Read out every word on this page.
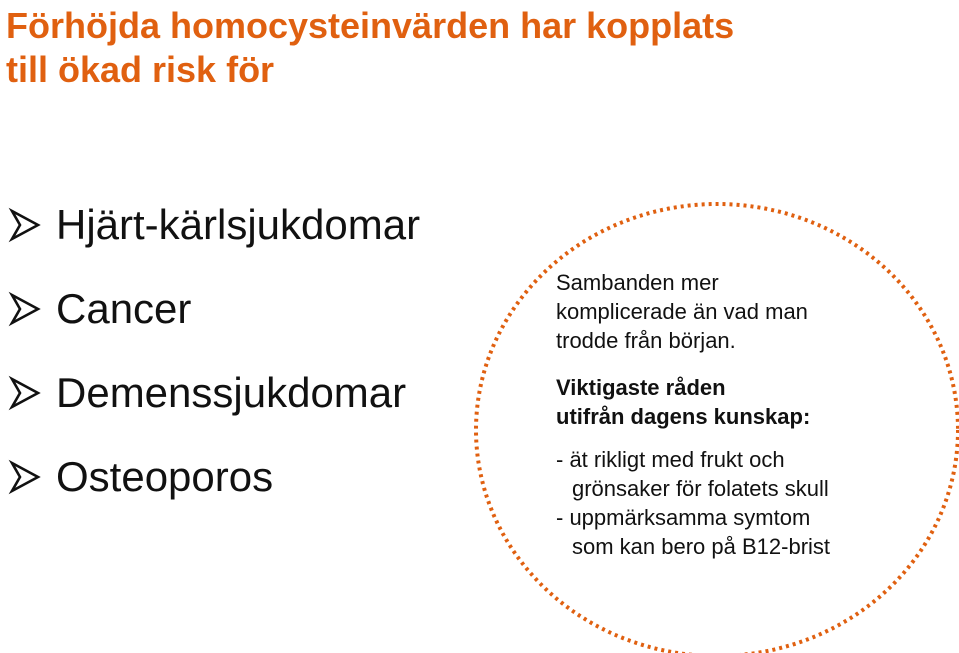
Förhöjda homocysteinvärden har kopplats
till ökad risk för
Hjärt-kärlsjukdomar
Cancer
Demenssjukdomar
Osteoporos

Sambanden mer
komplicerade än vad man
trodde från början.

Viktigaste råden
utifrån dagens kunskap:

- ät rikligt med frukt och
grönsaker för folatets skull
- uppmärksamma symtom
som kan bero på B12-brist
